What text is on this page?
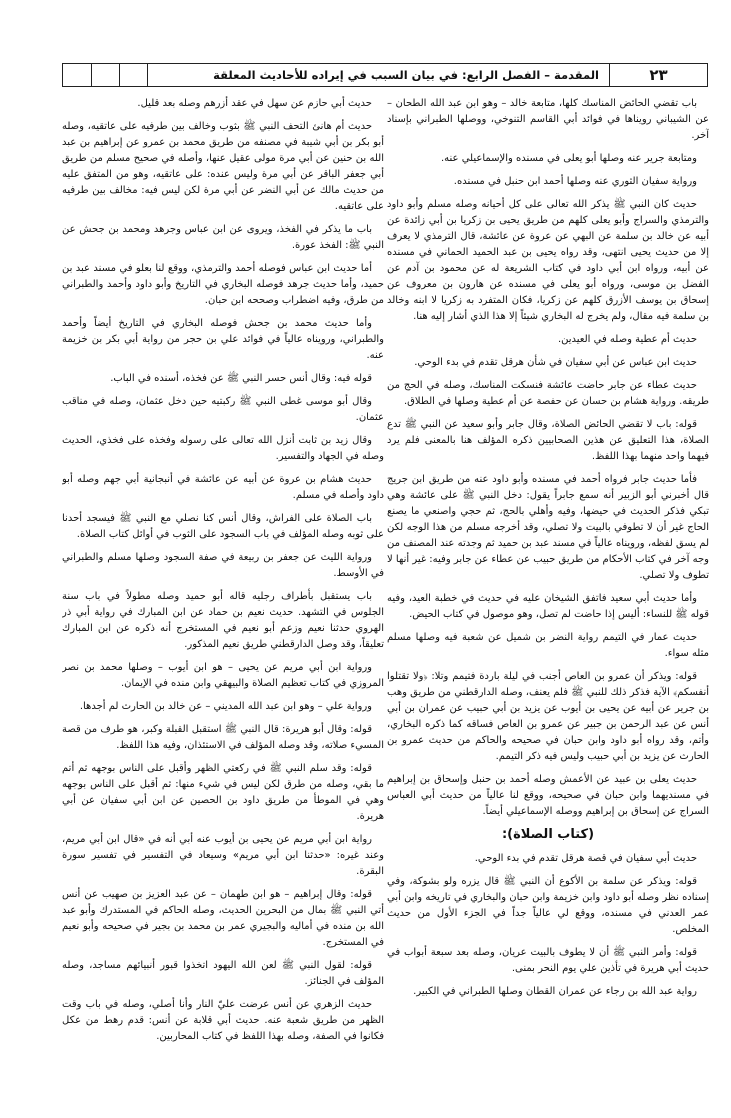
٢٣
المقدمة – الفصل الرابع: في بيان السبب في إيراده للأحاديث المعلقة
باب تقضي الحائض المناسك كلها، متابعة خالد – وهو ابن عبد الله الطحان – عن الشيباني رويناها في فوائد أبي القاسم التنوخي، ووصلها الطبراني بإسناد آخر.
ومتابعة جرير عنه وصلها أبو يعلى في مسنده والإسماعيلي عنه.
ورواية سفيان الثوري عنه وصلها أحمد ابن حنبل في مسنده.
حديث كان النبي ﷺ يذكر الله تعالى على كل أحيانه وصله مسلم وأبو داود والترمذي والسراج وأبو يعلى كلهم من طريق يحيى بن زكريا بن أبي زائدة عن أبيه عن خالد بن سلمة عن البهي عن عروة عن عائشة، قال الترمذي لا يعرف إلا من حديث يحيى انتهى، وقد رواه يحيى بن عبد الحميد الحماني في مسنده عن أبيه، ورواه ابن أبي داود في كتاب الشريعة له عن محمود بن آدم عن الفضل بن موسى، ورواه أبو يعلى في مسنده عن هارون بن معروف عن إسحاق بن يوسف الأزرق كلهم عن زكريا، فكان المتفرد به زكريا لا ابنه وخالد بن سلمة فيه مقال، ولم يخرج له البخاري شيئاً إلا هذا الذي أشار إليه هنا.
حديث أم عطية وصله في العيدين.
حديث ابن عباس عن أبي سفيان في شأن هرقل تقدم في بدء الوحي.
حديث عطاء عن جابر حاضت عائشة فنسكت المناسك، وصله في الحج من طريقه. ورواية هشام بن حسان عن حفصة عن أم عطية وصلها في الطلاق.
قوله: باب لا تقضي الحائض الصلاة، وقال جابر وأبو سعيد عن النبي ﷺ تدع الصلاة، هذا التعليق عن هذين الصحابيين ذكره المؤلف هنا بالمعنى فلم يرد فيهما واحد منهما بهذا اللفظ.
فأما حديث جابر فرواه أحمد في مسنده وأبو داود عنه من طريق ابن جريج قال أخبرني أبو الزبير أنه سمع جابراً يقول: دخل النبي ﷺ على عائشة وهي تبكي فذكر الحديث في حيضها، وفيه وأهلي بالحج، ثم حجي واصنعي ما يصنع الحاج غير أن لا تطوفي بالبيت ولا تصلي، وقد أخرجه مسلم من هذا الوجه لكن لم يسق لفظه، ورويناه عالياً في مسند عبد بن حميد ثم وجدته عند المصنف من وجه آخر في كتاب الأحكام من طريق حبيب عن عطاء عن جابر وفيه: غير أنها لا تطوف ولا تصلي.
وأما حديث أبي سعيد فاتفق الشيخان عليه في حديث في خطبة العيد، وفيه قوله ﷺ للنساء: أليس إذا حاضت لم تصل، وهو موصول في كتاب الحيض.
حديث عمار في التيمم رواية النضر بن شميل عن شعبة فيه وصلها مسلم مثله سواء.
قوله: ويذكر أن عمرو بن العاص أجنب في ليلة باردة فتيمم وتلا: ﴿ولا تقتلوا أنفسكم﴾ الآية فذكر ذلك للنبي ﷺ فلم يعنف، وصله الدارقطني من طريق وهب بن جرير عن أبيه عن يحيى بن أيوب عن يزيد بن أبي حبيب عن عمران بن أبي أنس عن عبد الرحمن بن جبير عن عمرو بن العاص فساقه كما ذكره البخاري، وأتم، وقد رواه أبو داود وابن حبان في صحيحه والحاكم من حديث عمرو بن الحارث عن يزيد بن أبي حبيب وليس فيه ذكر التيمم.
حديث يعلى بن عبيد عن الأعمش وصله أحمد بن حنبل وإسحاق بن إبراهيم في مسنديهما وابن حبان في صحيحه، ووقع لنا عالياً من حديث أبي العباس السراج عن إسحاق بن إبراهيم ووصله الإسماعيلي أيضاً.
(كتاب الصلاة):
حديث أبي سفيان في قصة هرقل تقدم في بدء الوحي.
قوله: ويذكر عن سلمة بن الأكوع أن النبي ﷺ قال يزره ولو بشوكة، وفي إسناده نظر وصله أبو داود وابن خزيمة وابن حبان والبخاري في تاريخه وابن أبي عمر العدني في مسنده، ووقع لي عالياً جداً في الجزء الأول من حديث المخلص.
قوله: وأمر النبي ﷺ أن لا يطوف بالبيت عريان، وصله بعد سبعة أبواب في حديث أبي هريرة في تأذين علي يوم النحر بمنى.
رواية عبد الله بن رجاء عن عمران القطان وصلها الطبراني في الكبير.
حديث أبي حازم عن سهل في عقد أزرهم وصله بعد قليل.
حديث أم هانئ التحف النبي ﷺ بثوب وخالف بين طرفيه على عاتقيه، وصله أبو بكر بن أبي شيبة في مصنفه من طريق محمد بن عمرو عن إبراهيم بن عبد الله بن حنين عن أبي مرة مولى عقيل عنها، وأصله في صحيح مسلم من طريق أبي جعفر الباقر عن أبي مرة وليس عنده: على عاتقيه، وهو من المتفق عليه من حديث مالك عن أبي النضر عن أبي مرة لكن ليس فيه: مخالف بين طرفيه على عاتقيه.
باب ما يذكر في الفخذ، ويروى عن ابن عباس وجرهد ومحمد بن جحش عن النبي ﷺ: الفخذ عورة.
أما حديث ابن عباس فوصله أحمد والترمذي، ووقع لنا بعلو في مسند عبد بن حميد، وأما حديث جرهد فوصله البخاري في التاريخ وأبو داود وأحمد والطبراني من طرق، وفيه اضطراب وصححه ابن حبان.
وأما حديث محمد بن جحش فوصله البخاري في التاريخ أيضاً وأحمد والطبراني، ورويناه عالياً في فوائد علي بن حجر من رواية أبي بكر بن خزيمة عنه.
قوله فيه: وقال أنس حسر النبي ﷺ عن فخذه، أسنده في الباب.
وقال أبو موسى غطى النبي ﷺ ركبتيه حين دخل عثمان، وصله في مناقب عثمان.
وقال زيد بن ثابت أنزل الله تعالى على رسوله وفخذه على فخذي، الحديث وصله في الجهاد والتفسير.
حديث هشام بن عروة عن أبيه عن عائشة في أنبجانية أبي جهم وصله أبو داود وأصله في مسلم.
باب الصلاة على الفراش، وقال أنس كنا نصلي مع النبي ﷺ فيسجد أحدنا على ثوبه وصله المؤلف في باب السجود على الثوب في أوائل كتاب الصلاة.
ورواية الليث عن جعفر بن ربيعة في صفة السجود وصلها مسلم والطبراني في الأوسط.
باب يستقبل بأطراف رجليه قاله أبو حميد وصله مطولاً في باب سنة الجلوس في التشهد. حديث نعيم بن حماد عن ابن المبارك في رواية أبي ذر الهروي حدثنا نعيم وزعم أبو نعيم في المستخرج أنه ذكره عن ابن المبارك تعليقاً، وقد وصل الدارقطني طريق نعيم المذكور.
ورواية ابن أبي مريم عن يحيى – هو ابن أيوب – وصلها محمد بن نصر المروزي في كتاب تعظيم الصلاة والبيهقي وابن منده في الإيمان.
ورواية علي – وهو ابن عبد الله المديني – عن خالد بن الحارث لم أجدها.
قوله: وقال أبو هريرة: قال النبي ﷺ استقبل القبلة وكبر، هو طرف من قصة المسيء صلاته، وقد وصله المؤلف في الاستئذان، وفيه هذا اللفظ.
قوله: وقد سلم النبي ﷺ في ركعتي الظهر وأقبل على الناس بوجهه ثم أتم ما بقي، وصله من طرق لكن ليس في شيء منها: ثم أقبل على الناس بوجهه وهي في الموطأ من طريق داود بن الحصين عن ابن أبي سفيان عن أبي هريرة.
رواية ابن أبي مريم عن يحيى بن أيوب عنه أبي أنه في «قال ابن أبي مريم، وعند غيره: «حدثنا ابن أبي مريم» وسيعاد في التفسير في تفسير سورة البقرة.
قوله: وقال إبراهيم – هو ابن طهمان – عن عبد العزيز بن صهيب عن أنس أتي النبي ﷺ بمال من البحرين الحديث، وصله الحاكم في المستدرك وأبو عبد الله بن منده في أماليه والبجيري عمر بن محمد بن بجير في صحيحه وأبو نعيم في المستخرج.
قوله: لقول النبي ﷺ لعن الله اليهود اتخذوا قبور أنبيائهم مساجد، وصله المؤلف في الجنائز.
حديث الزهري عن أنس عرضت عليّ النار وأنا أصلي، وصله في باب وقت الظهر من طريق شعبة عنه. حديث أبي قلابة عن أنس: قدم رهط من عكل فكانوا في الصفة، وصله بهذا اللفظ في كتاب المحاربين.
